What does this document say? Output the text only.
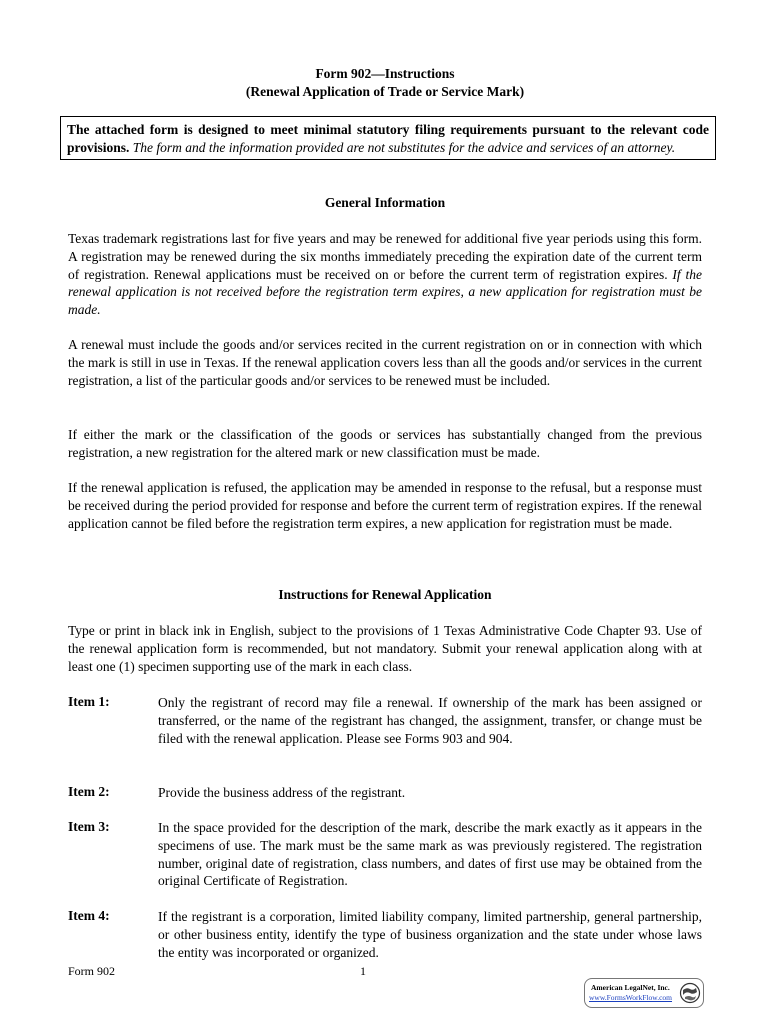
Form 902—Instructions
(Renewal Application of Trade or Service Mark)
The attached form is designed to meet minimal statutory filing requirements pursuant to the relevant code provisions. The form and the information provided are not substitutes for the advice and services of an attorney.
General Information
Texas trademark registrations last for five years and may be renewed for additional five year periods using this form. A registration may be renewed during the six months immediately preceding the expiration date of the current term of registration. Renewal applications must be received on or before the current term of registration expires. If the renewal application is not received before the registration term expires, a new application for registration must be made.
A renewal must include the goods and/or services recited in the current registration on or in connection with which the mark is still in use in Texas. If the renewal application covers less than all the goods and/or services in the current registration, a list of the particular goods and/or services to be renewed must be included.
If either the mark or the classification of the goods or services has substantially changed from the previous registration, a new registration for the altered mark or new classification must be made.
If the renewal application is refused, the application may be amended in response to the refusal, but a response must be received during the period provided for response and before the current term of registration expires. If the renewal application cannot be filed before the registration term expires, a new application for registration must be made.
Instructions for Renewal Application
Type or print in black ink in English, subject to the provisions of 1 Texas Administrative Code Chapter 93. Use of the renewal application form is recommended, but not mandatory. Submit your renewal application along with at least one (1) specimen supporting use of the mark in each class.
Item 1:	Only the registrant of record may file a renewal. If ownership of the mark has been assigned or transferred, or the name of the registrant has changed, the assignment, transfer, or change must be filed with the renewal application. Please see Forms 903 and 904.
Item 2:	Provide the business address of the registrant.
Item 3:	In the space provided for the description of the mark, describe the mark exactly as it appears in the specimens of use. The mark must be the same mark as was previously registered. The registration number, original date of registration, class numbers, and dates of first use may be obtained from the original Certificate of Registration.
Item 4:	If the registrant is a corporation, limited liability company, limited partnership, general partnership, or other business entity, identify the type of business organization and the state under whose laws the entity was incorporated or organized.
Form 902	1
American LegalNet, Inc.
www.FormsWorkFlow.com
